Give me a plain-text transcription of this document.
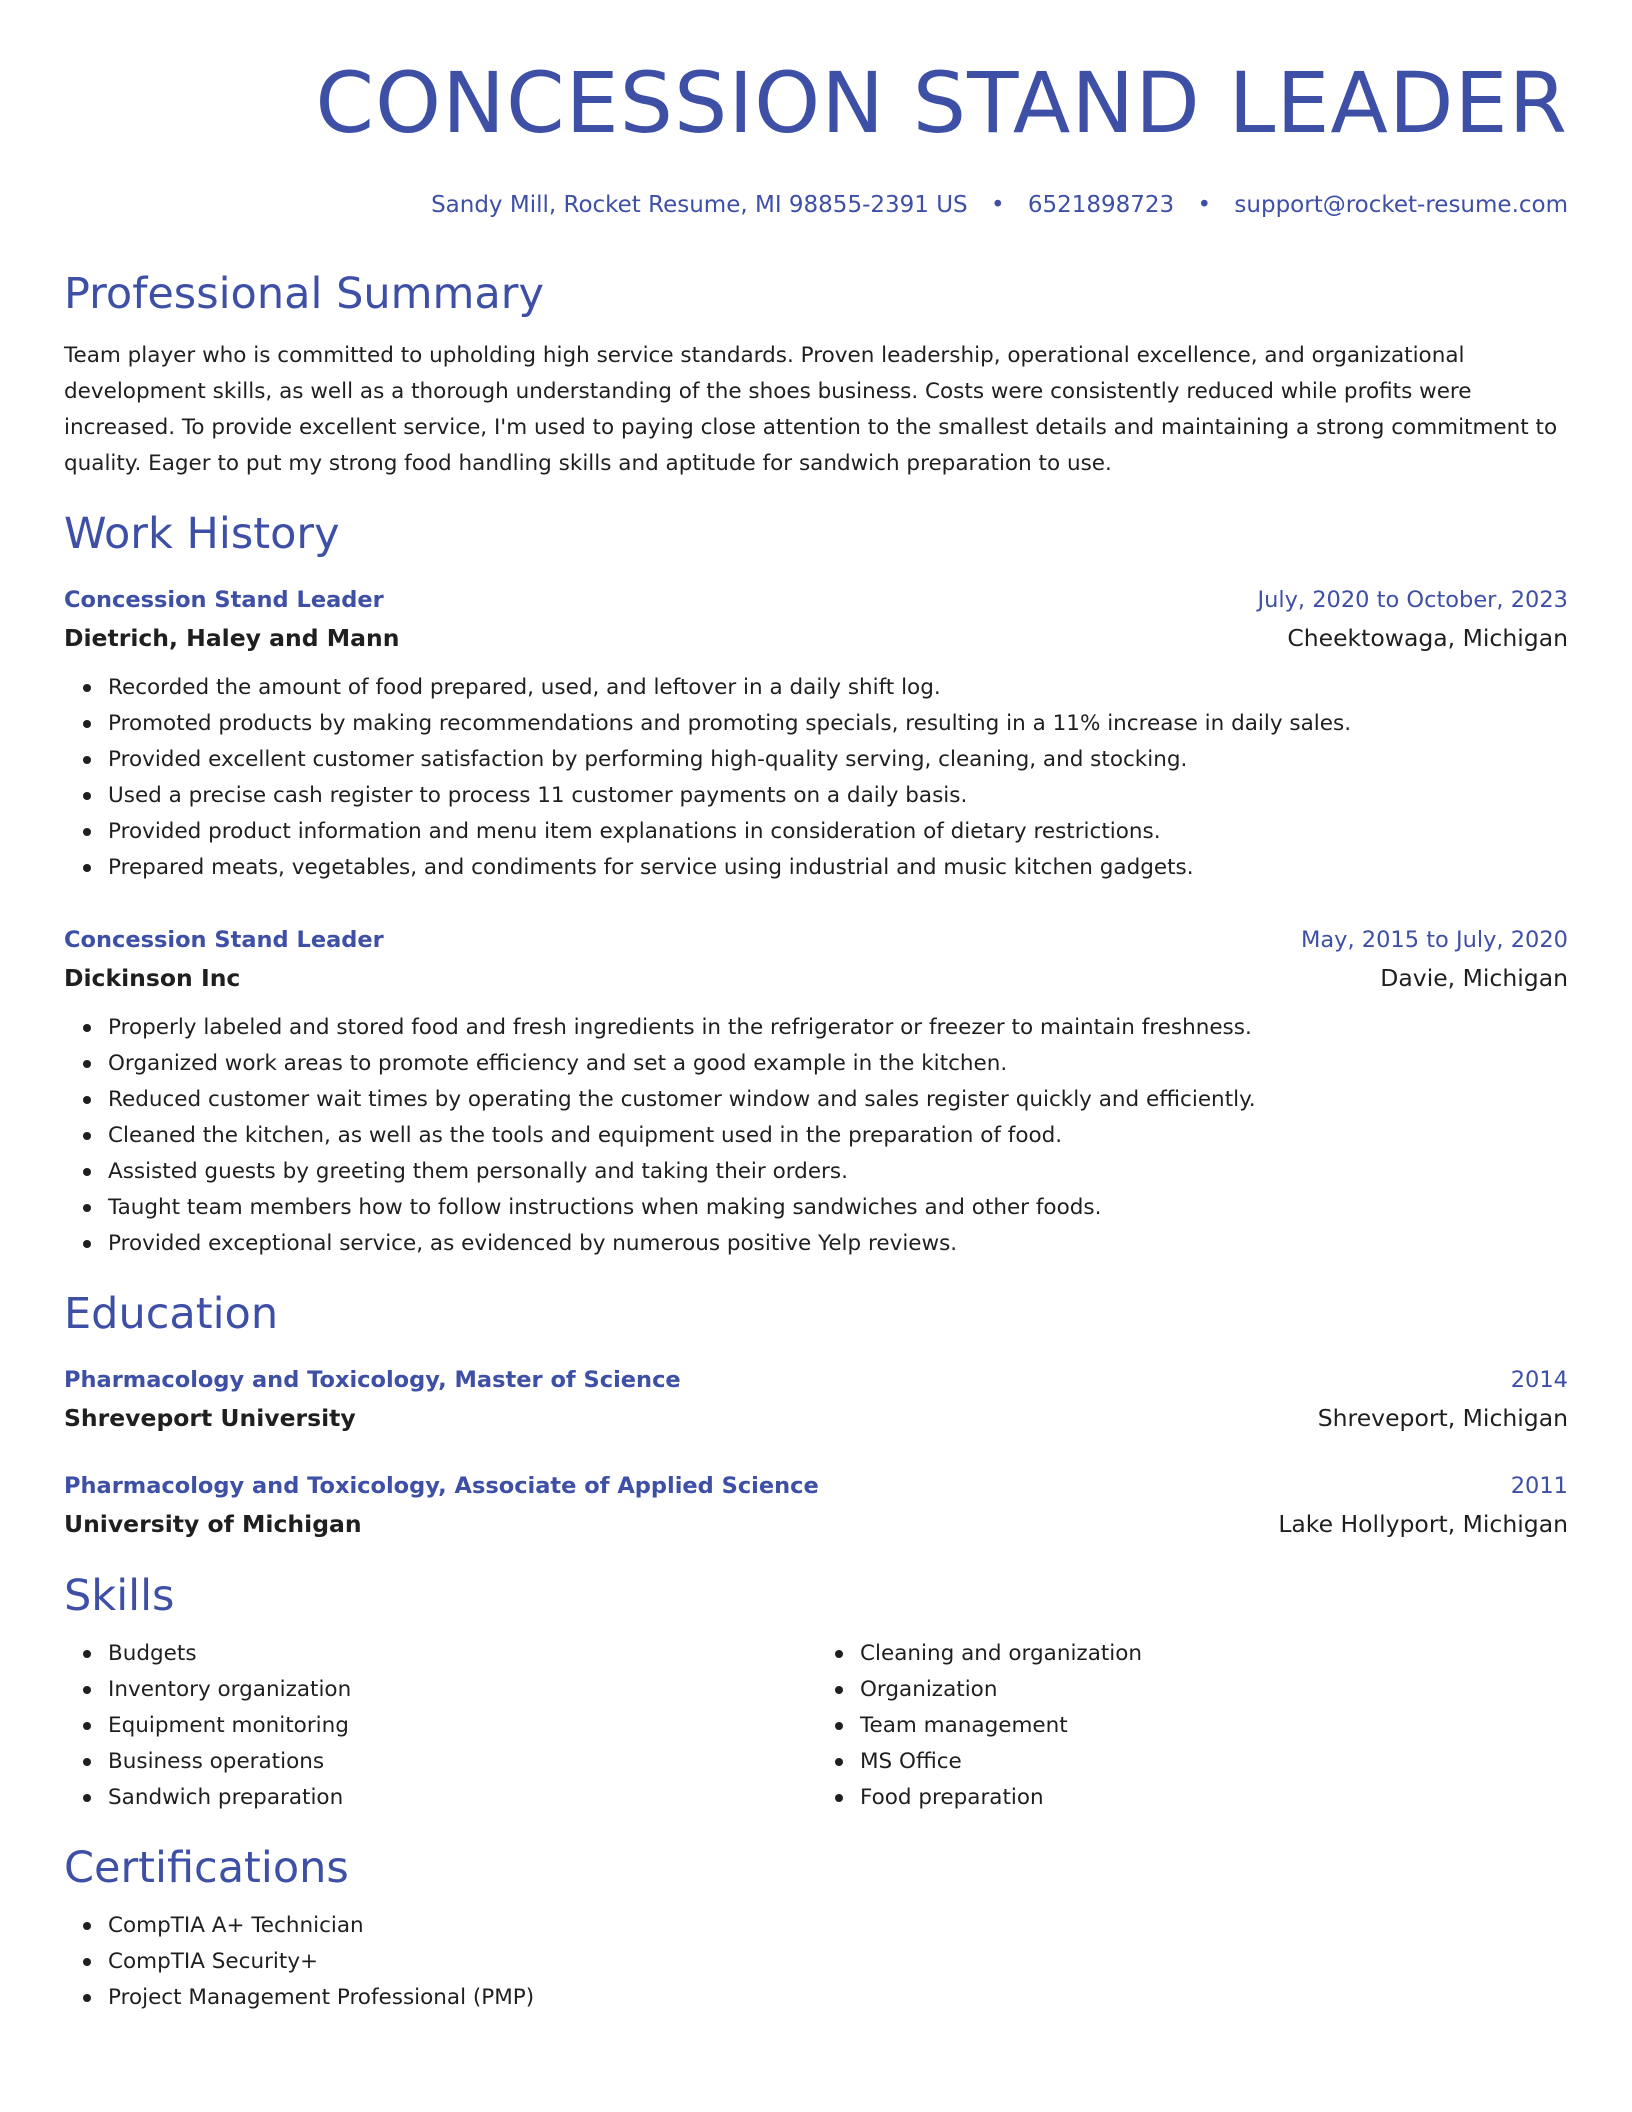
CONCESSION STAND LEADER
Sandy Mill, Rocket Resume, MI 98855-2391 US • 6521898723 • support@rocket-resume.com
Professional Summary

Team player who is committed to upholding high service standards. Proven leadership, operational excellence, and organizational development skills, as well as a thorough understanding of the shoes business. Costs were consistently reduced while profits were increased. To provide excellent service, I'm used to paying close attention to the smallest details and maintaining a strong commitment to quality. Eager to put my strong food handling skills and aptitude for sandwich preparation to use.

Work History
Concession Stand Leader	July, 2020 to October, 2023
Dietrich, Haley and Mann	Cheektowaga, Michigan
Recorded the amount of food prepared, used, and leftover in a daily shift log.
Promoted products by making recommendations and promoting specials, resulting in a 11% increase in daily sales.
Provided excellent customer satisfaction by performing high-quality serving, cleaning, and stocking.
Used a precise cash register to process 11 customer payments on a daily basis.
Provided product information and menu item explanations in consideration of dietary restrictions.
Prepared meats, vegetables, and condiments for service using industrial and music kitchen gadgets.
Concession Stand Leader	May, 2015 to July, 2020
Dickinson Inc	Davie, Michigan
Properly labeled and stored food and fresh ingredients in the refrigerator or freezer to maintain freshness.
Organized work areas to promote efficiency and set a good example in the kitchen.
Reduced customer wait times by operating the customer window and sales register quickly and efficiently.
Cleaned the kitchen, as well as the tools and equipment used in the preparation of food.
Assisted guests by greeting them personally and taking their orders.
Taught team members how to follow instructions when making sandwiches and other foods.
Provided exceptional service, as evidenced by numerous positive Yelp reviews.
Education
Pharmacology and Toxicology, Master of Science	2014
Shreveport University	Shreveport, Michigan
Pharmacology and Toxicology, Associate of Applied Science	2011
University of Michigan	Lake Hollyport, Michigan
Skills
Budgets
Inventory organization
Equipment monitoring
Business operations
Sandwich preparation
Cleaning and organization
Organization
Team management
MS Office
Food preparation
Certifications
CompTIA A+ Technician
CompTIA Security+
Project Management Professional (PMP)
